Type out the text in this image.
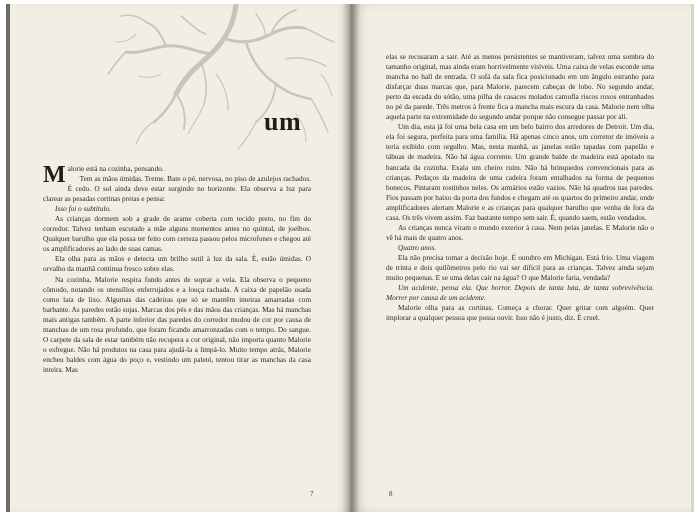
um
M alorie está na cozinha, pensando.

Tem as mãos úmidas. Treme. Bate o pé, nervosa, no piso de azulejos rachados. É cedo. O sol ainda deve estar surgindo no horizonte. Ela observa a luz para clarear as pesadas cortinas pretas e pensa:

Isso foi o subtítulo.

As crianças dormem sob a grade de arame coberta com tecido preto, no fim do corredor. Talvez tenham escutado a mãe alguns momentos antes no quintal, de joelhos. Qualquer barulho que ela possa ter feito com certeza passou pelos microfones e chegou até os amplificadores ao lado de suas camas.

Ela olha para as mãos e detecta um brilho sutil à luz da sala. É, estão úmidas. O orvalho da manhã continua fresco sobre elas.

Na cozinha, Malorie respira fundo antes de soprar a vela. Ela observa o pequeno cômodo, notando os utensílios enferrujados e a louça rachada. A caixa de papelão usada como lata de lixo. Algumas das cadeiras que só se mantêm inteiras amarradas com barbante. As paredes estão sujas. Marcas dos pés e das mãos das crianças. Mas há manchas mais antigas também. A parte inferior das paredes do corredor mudou de cor por causa de manchas de um rosa profundo, que foram ficando amarronzadas com o tempo. Do sangue. O carpete da sala de estar também não recupera a cor original, não importa quanto Malorie o esfregue. Não há produtos na casa para ajudá-la a limpá-lo. Muito tempo atrás, Malorie encheu baldes com água do poço e, vestindo um paletó, tentou tirar as manchas da casa inteira. Mas

7

elas se recusaram a sair. Até as menos persistentes se mantiveram, talvez uma sombra do tamanho original, mas ainda eram horrivelmente visíveis. Uma caixa de velas esconde uma mancha no hall de entrada. O sofá da sala fica posicionado em um ângulo estranho para disfarçar duas marcas que, para Malorie, parecem cabeças de lobo. No segundo andar, perto da escada do sótão, uma pilha de casacos molados camufla riscos roxos entranhados no pé da parede. Três metros à frente fica a mancha mais escura da casa. Malorie nem olha aquela parte na extremidade do segundo andar porque não consegue passar por ali.

Um dia, esta já foi uma bela casa em um belo bairro dos arredores de Detroit. Um dia, ela foi segura, perfeita para uma família. Há apenas cinco anos, um corretor de imóveis a teria exibido com orgulho. Mas, nesta manhã, as janelas estão tapadas com papelão e tábuas de madeira. Não há água corrente. Um grande balde de madeira está apoiado na bancada da cozinha. Exala um cheiro ruim. Não há brinquedos convencionais para as crianças. Pedaços da madeira de uma cadeira foram entalhados na forma de pequenos bonecos. Pintaram rostinhos neles. Os armários estão vazios. Não há quadros nas paredes. Fios passam por baixo da porta dos fundos e chegam até os quartos do primeiro andar, onde amplificadores alertam Malorie e as crianças para qualquer barulho que venha de fora da casa. Os três vivem assim. Faz bastante tempo sem sair. É, quando saem, estão vendados.

As crianças nunca viram o mundo exterior à casa. Nem pelas janelas. E Malorie não o vê há mais de quatro anos.

Quatro anos.

Ela não precisa tomar a decisão hoje. É outubro em Michigan. Está frio. Uma viagem de trinta e dois quilômetros pelo rio vai ser difícil para as crianças. Talvez ainda sejam muito pequenas. E se uma delas cair na água? O que Malorie faria, vendada?

Um acidente, pensa ela. Que horror. Depois de tanta luta, de tanta sobrevivência. Morrer por causa de um acidente.

Malorie olha para as cortinas. Começa a chorar. Quer gritar com alguém. Quer implorar a qualquer pessoa que possa ouvir. Isso não é justo, diz. É cruel.

8
